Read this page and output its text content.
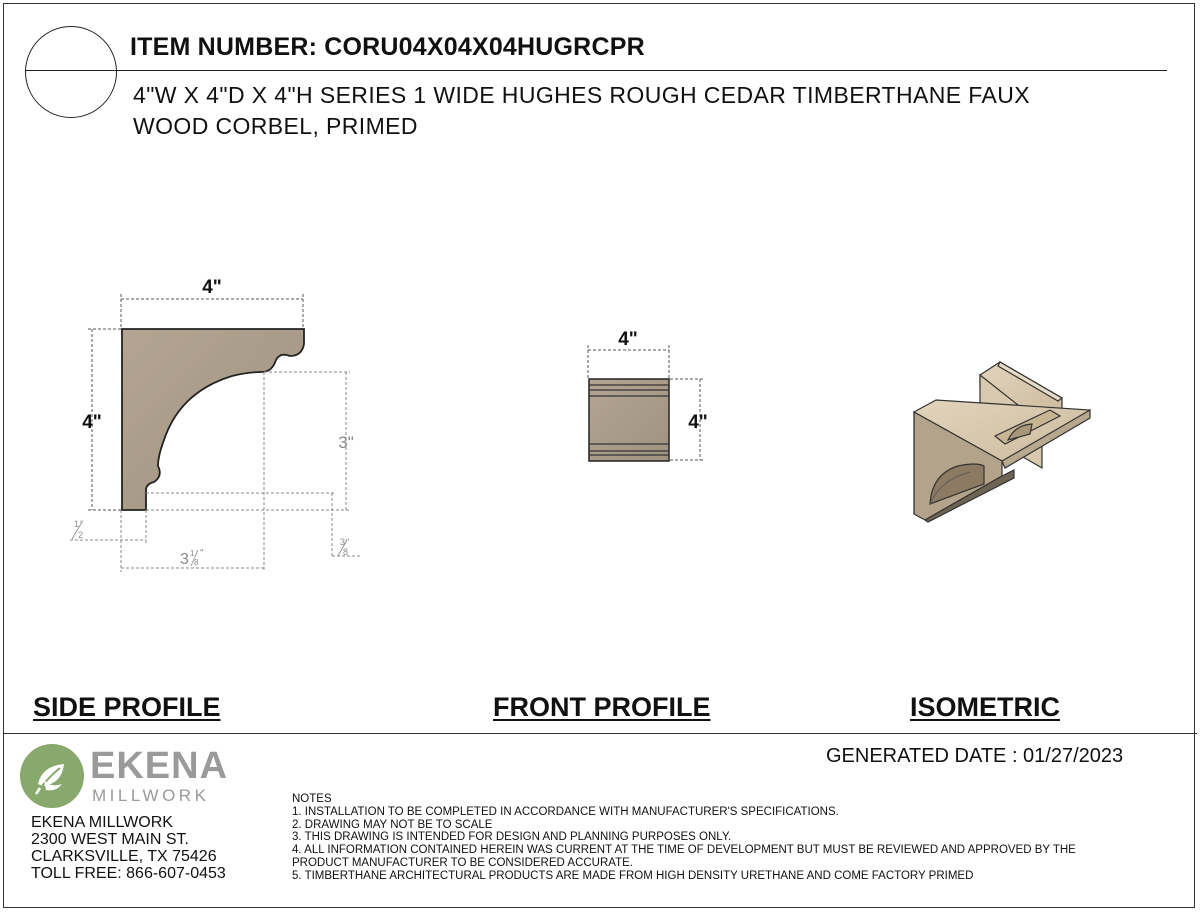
ITEM NUMBER: CORU04X04X04HUGRCPR
4"W X 4"D X 4"H SERIES 1 WIDE HUGHES ROUGH CEDAR TIMBERTHANE FAUX
WOOD CORBEL, PRIMED
4"
4"
3"
3 "
8
1 "
2
3 1
8
"
4"
4"
SIDE PROFILE	FRONT PROFILE	ISOMETRIC
GENERATED DATE : 01/27/2023
EKENA
MILLWORK
EKENA MILLWORK
2300 WEST MAIN ST.
CLARKSVILLE, TX 75426
TOLL FREE: 866-607-0453
NOTES
1. INSTALLATION TO BE COMPLETED IN ACCORDANCE WITH MANUFACTURER'S SPECIFICATIONS.
2. DRAWING MAY NOT BE TO SCALE
3. THIS DRAWING IS INTENDED FOR DESIGN AND PLANNING PURPOSES ONLY.
4. ALL INFORMATION CONTAINED HEREIN WAS CURRENT AT THE TIME OF DEVELOPMENT BUT MUST BE REVIEWED AND APPROVED BY THE
PRODUCT MANUFACTURER TO BE CONSIDERED ACCURATE.
5. TIMBERTHANE ARCHITECTURAL PRODUCTS ARE MADE FROM HIGH DENSITY URETHANE AND COME FACTORY PRIMED
